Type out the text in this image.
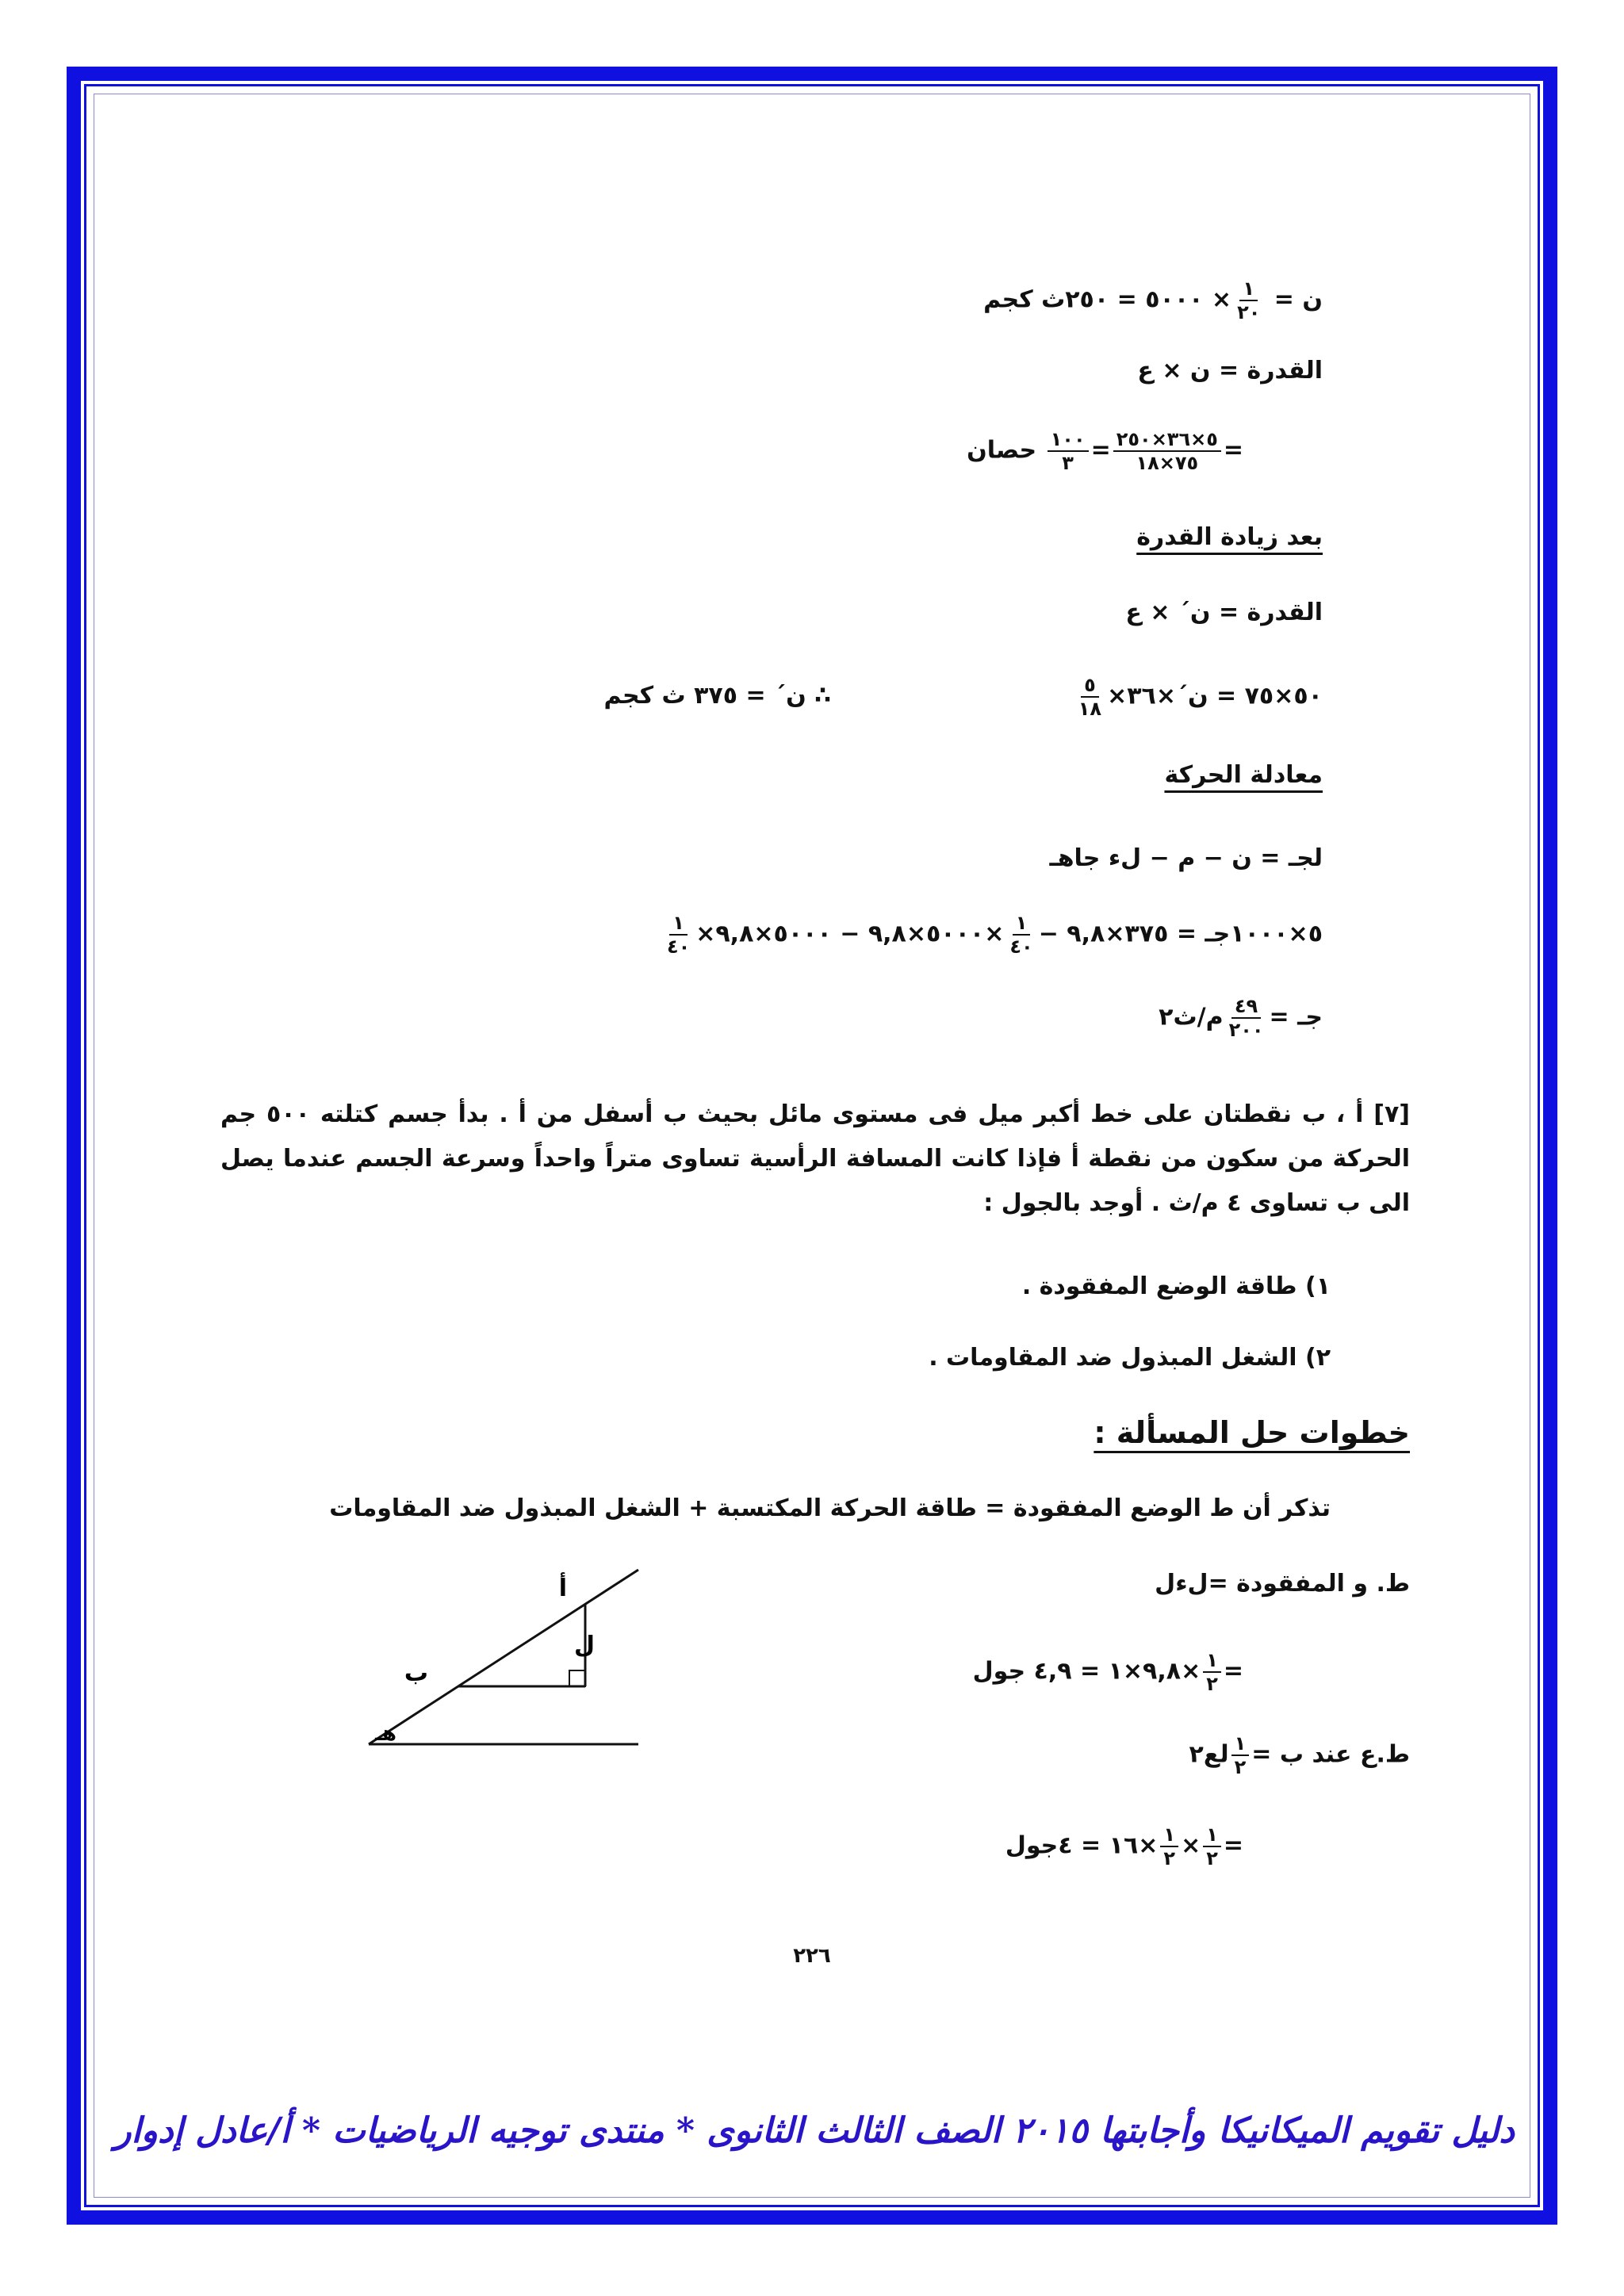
ن =
$\frac{١}{٢٠}$
× ٥٠٠٠ = ٢٥٠ث كجم
القدرة = ن × ع
=
$\frac{٥\times ٣٦\times ٢٥٠}{٧٥\times ١٨}$
=
$\frac{١٠٠}{٣}$
حصان
بعد زيادة القدرة
القدرة = ن´ × ع
٥٠×٧٥ = ن´×٣٦×
$\frac{٥}{١٨}$
∴ ن´ = ٣٧٥ ث كجم
معادلة الحركة
لجـ = ن − م − لء جاهـ
٥×١٠٠٠جـ = ٣٧٥×٩,٨ −
$\frac{١}{٤٠}$
×٥٠٠٠×٩,٨ − ٥٠٠٠×٩,٨×
$\frac{١}{٤٠}$
جـ =
$\frac{٤٩}{٢٠٠}$
م/ث٢
[٧] أ ، ب نقطتان على خط أكبر ميل فى مستوى مائل بحيث ب أسفل من أ . بدأ جسم كتلته ٥٠٠ جم الحركة من سكون من نقطة أ فإذا كانت المسافة الرأسية تساوى متراً واحداً وسرعة الجسم عندما يصل الى ب تساوى ٤ م/ث . أوجد بالجول :
١) طاقة الوضع المفقودة .
٢) الشغل المبذول ضد المقاومات .
خطوات حل المسألة :
تذكر أن ط الوضع المفقودة = طاقة الحركة المكتسبة + الشغل المبذول ضد المقاومات
ط. و المفقودة =لءل
=
$\frac{١}{٢}$
×٩,٨×١ = ٤,٩ جول
ط.ع عند ب =
$\frac{١}{٢}$
لع٢
=
$\frac{١}{٢}$
×
$\frac{١}{٢}$
×١٦ = ٤جول
أ
ب
ل
هـ
٢٢٦
دليل تقويم الميكانيكا وأجابتها ٢٠١٥ الصف الثالث الثانوى * منتدى توجيه الرياضيات * أ/عادل إدوار
